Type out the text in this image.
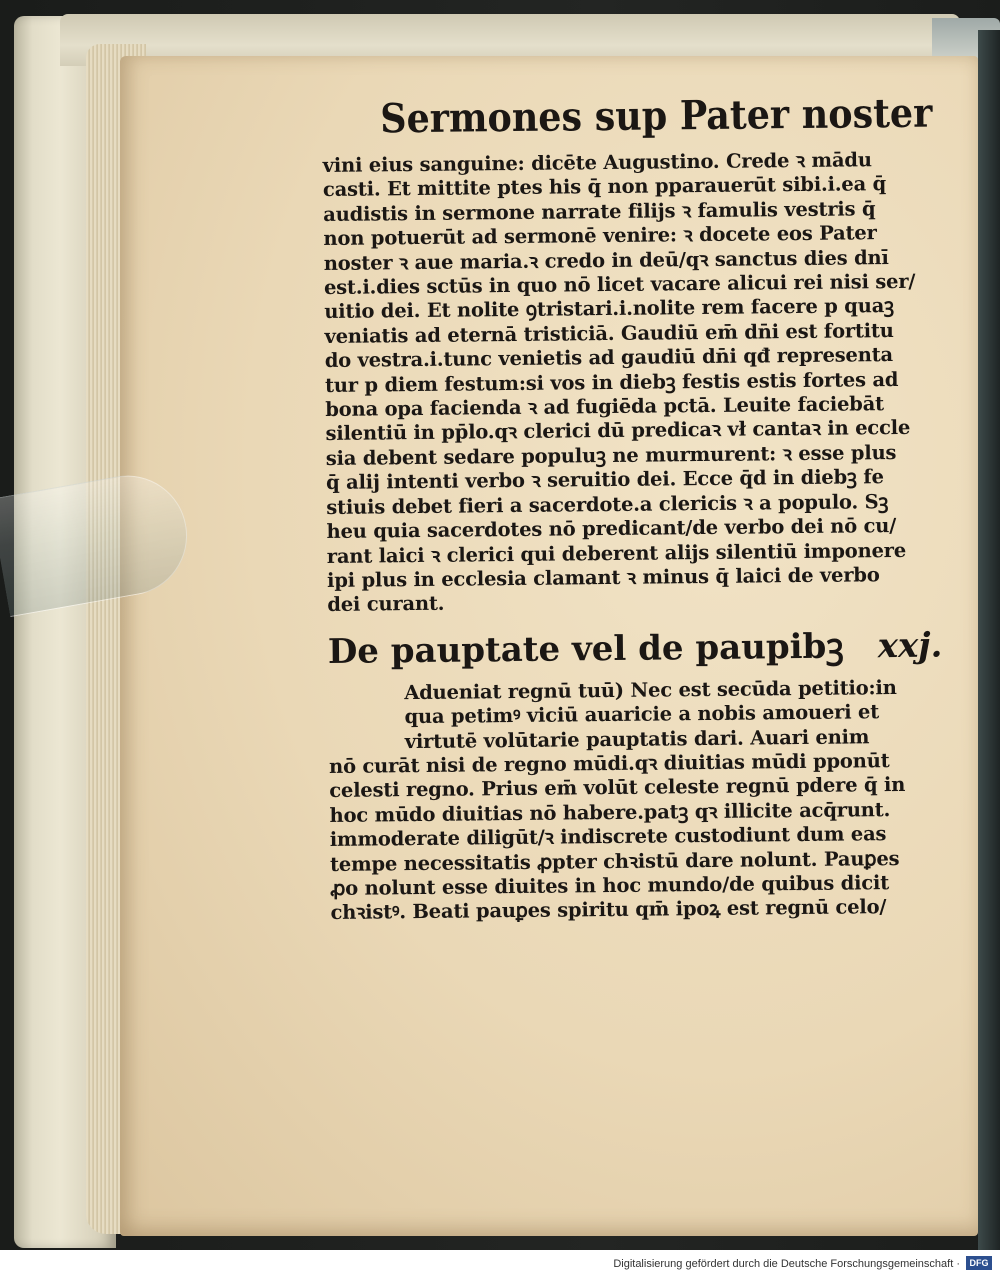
Sermones sup Pater noster
vini eius sanguine: dicēte Augustino. Crede ꝛ mādu
casti. Et mittite ptes his q̄ non pparauerūt sibi.i.ea q̄
audistis in sermone narrate filijs ꝛ famulis vestris q̄
non potuerūt ad sermonē venire: ꝛ docete eos Pater
noster ꝛ aue maria.ꝛ credo in deū/qꝛ sanctus dies dnī
est.i.dies sctūs in quo nō licet vacare alicui rei nisi ser/
uitio dei. Et nolite ꝯtristari.i.nolite rem facere p quaꝫ
veniatis ad eternā tristiciā. Gaudiū em̄ dn̄i est fortitu
do vestra.i.tunc venietis ad gaudiū dn̄i qđ representa
tur p diem festum:si vos in diebꝫ festis estis fortes ad
bona opa facienda ꝛ ad fugiēda pctā. Leuite faciebāt
silentiū in pp̄lo.qꝛ clerici dū predicaꝛ vł cantaꝛ in eccle
sia debent sedare populuꝫ ne murmurent: ꝛ esse plus
q̄ alij intenti verbo ꝛ seruitio dei. Ecce q̄d in diebꝫ fe
stiuis debet fieri a sacerdote.a clericis ꝛ a populo. Sꝫ
heu quia sacerdotes nō predicant/de verbo dei nō cu/
rant laici ꝛ clerici qui deberent alijs silentiū imponere
ipi plus in ecclesia clamant ꝛ minus q̄ laici de verbo
dei curant.
De pauptate vel de paupibꝫ xxj.
Adueniat regnū tuū) Nec est secūda petitio:in
qua petimꝰ viciū auaricie a nobis amoueri et
virtutē volūtarie pauptatis dari. Auari enim
nō curāt nisi de regno mūdi.qꝛ diuitias mūdi pponūt
celesti regno. Prius em̄ volūt celeste regnū pdere q̄ in
hoc mūdo diuitias nō habere.patꝫ qꝛ illicite acq̄runt.
immoderate diligūt/ꝛ indiscrete custodiunt dum eas
tempe necessitatis ꝓpter chꝛistū dare nolunt. Pauꝑes
ꝓo nolunt esse diuites in hoc mundo/de quibus dicit
chꝛistꝰ. Beati pauꝑes spiritu qm̄ ipoꝝ est regnū celo/
Digitalisierung gefördert durch die Deutsche Forschungsgemeinschaft ·	DFG
